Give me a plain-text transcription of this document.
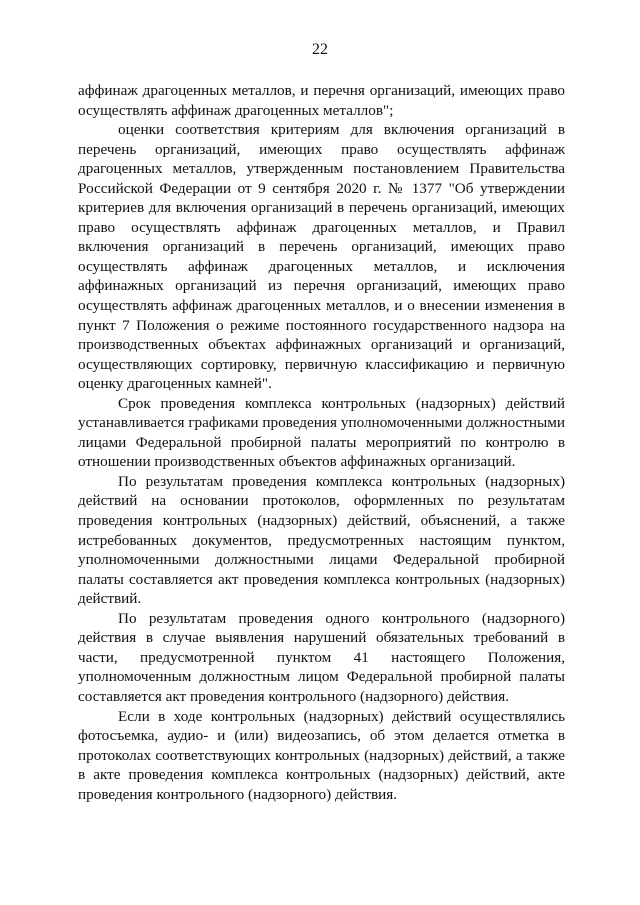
22

аффинаж драгоценных металлов, и перечня организаций, имеющих право осуществлять аффинаж драгоценных металлов";

оценки соответствия критериям для включения организаций в перечень организаций, имеющих право осуществлять аффинаж драгоценных металлов, утвержденным постановлением Правительства Российской Федерации от 9 сентября 2020 г. № 1377 "Об утверждении критериев для включения организаций в перечень организаций, имеющих право осуществлять аффинаж драгоценных металлов, и Правил включения организаций в перечень организаций, имеющих право осуществлять аффинаж драгоценных металлов, и исключения аффинажных организаций из перечня организаций, имеющих право осуществлять аффинаж драгоценных металлов, и о внесении изменения в пункт 7 Положения о режиме постоянного государственного надзора на производственных объектах аффинажных организаций и организаций, осуществляющих сортировку, первичную классификацию и первичную оценку драгоценных камней".

Срок проведения комплекса контрольных (надзорных) действий устанавливается графиками проведения уполномоченными должностными лицами Федеральной пробирной палаты мероприятий по контролю в отношении производственных объектов аффинажных организаций.

По результатам проведения комплекса контрольных (надзорных) действий на основании протоколов, оформленных по результатам проведения контрольных (надзорных) действий, объяснений, а также истребованных документов, предусмотренных настоящим пунктом, уполномоченными должностными лицами Федеральной пробирной палаты составляется акт проведения комплекса контрольных (надзорных) действий.

По результатам проведения одного контрольного (надзорного) действия в случае выявления нарушений обязательных требований в части, предусмотренной пунктом 41 настоящего Положения, уполномоченным должностным лицом Федеральной пробирной палаты составляется акт проведения контрольного (надзорного) действия.

Если в ходе контрольных (надзорных) действий осуществлялись фотосъемка, аудио- и (или) видеозапись, об этом делается отметка в протоколах соответствующих контрольных (надзорных) действий, а также в акте проведения комплекса контрольных (надзорных) действий, акте проведения контрольного (надзорного) действия.
